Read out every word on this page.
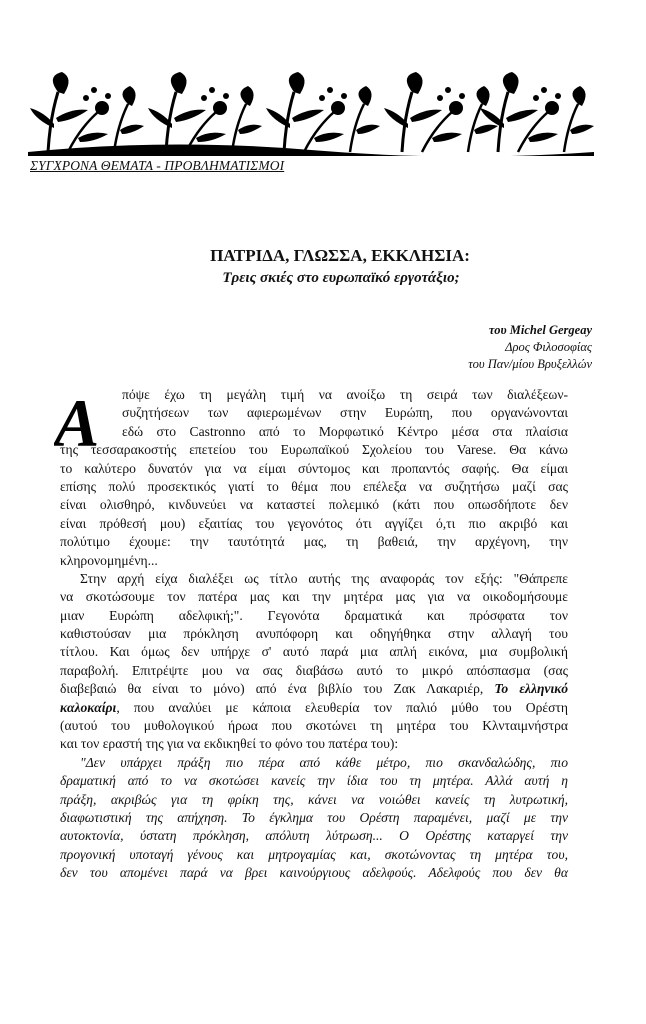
ΣΥΓΧΡΟΝΑ ΘΕΜΑΤΑ - ΠΡΟΒΛΗΜΑΤΙΣΜΟΙ
ΠΑΤΡΙΔΑ, ΓΛΩΣΣΑ, ΕΚΚΛΗΣΙΑ:
Τρεις σκιές στο ευρωπαϊκό εργοτάξιο;
του Michel Gergeay
Δρος Φιλοσοφίας
του Παν/μίου Βρυξελλών
Α	πόψε έχω τη μεγάλη τιμή να ανοίξω τη σειρά των διαλέξεων-
συζητήσεων των αφιερωμένων στην Ευρώπη, που οργανώνονται
εδώ στο Castronno από το Μορφωτικό Κέντρο μέσα στα πλαίσια
της τεσσαρακοστής επετείου του Ευρωπαϊκού Σχολείου του Varese. Θα κάνω
το καλύτερο δυνατόν για να είμαι σύντομος και προπαντός σαφής. Θα είμαι
επίσης πολύ προσεκτικός γιατί το θέμα που επέλεξα να συζητήσω μαζί σας
είναι ολισθηρό, κινδυνεύει να καταστεί πολεμικό (κάτι που οπωσδήποτε δεν
είναι πρόθεσή μου) εξαιτίας του γεγονότος ότι αγγίζει ό,τι πιο ακριβό και
πολύτιμο έχουμε: την ταυτότητά μας, τη βαθειά, την αρχέγονη, την
κληρονομημένη...
Στην αρχή είχα διαλέξει ως τίτλο αυτής της αναφοράς τον εξής: "Θάπρεπε
να σκοτώσουμε τον πατέρα μας και την μητέρα μας για να οικοδομήσουμε
μιαν Ευρώπη αδελφική;". Γεγονότα δραματικά και πρόσφατα τον
καθιστούσαν μια πρόκληση ανυπόφορη και οδηγήθηκα στην αλλαγή του
τίτλου. Και όμως δεν υπήρχε σ' αυτό παρά μια απλή εικόνα, μια συμβολική
παραβολή. Επιτρέψτε μου να σας διαβάσω αυτό το μικρό απόσπασμα (σας
διαβεβαιώ θα είναι το μόνο) από ένα βιβλίο του Ζακ Λακαριέρ, Το ελληνικό
καλοκαίρι, που αναλύει με κάποια ελευθερία τον παλιό μύθο του Ορέστη
(αυτού του μυθολογικού ήρωα που σκοτώνει τη μητέρα του Κλνταιμνήστρα
και τον εραστή της για να εκδικηθεί το φόνο του πατέρα του):
"Δεν υπάρχει πράξη πιο πέρα από κάθε μέτρο, πιο σκανδαλώδης, πιο
δραματική από το να σκοτώσει κανείς την ίδια του τη μητέρα. Αλλά αυτή η
πράξη, ακριβώς για τη φρίκη της, κάνει να νοιώθει κανείς τη λυτρωτική,
διαφωτιστική της απήχηση. Το έγκλημα του Ορέστη παραμένει, μαζί με την
αυτοκτονία, ύστατη πρόκληση, απόλυτη λύτρωση... Ο Ορέστης καταργεί την
προγονική υποταγή γένους και μητρογαμίας και, σκοτώνοντας τη μητέρα του,
δεν του απομένει παρά να βρει καινούργιους αδελφούς. Αδελφούς που δεν θα
